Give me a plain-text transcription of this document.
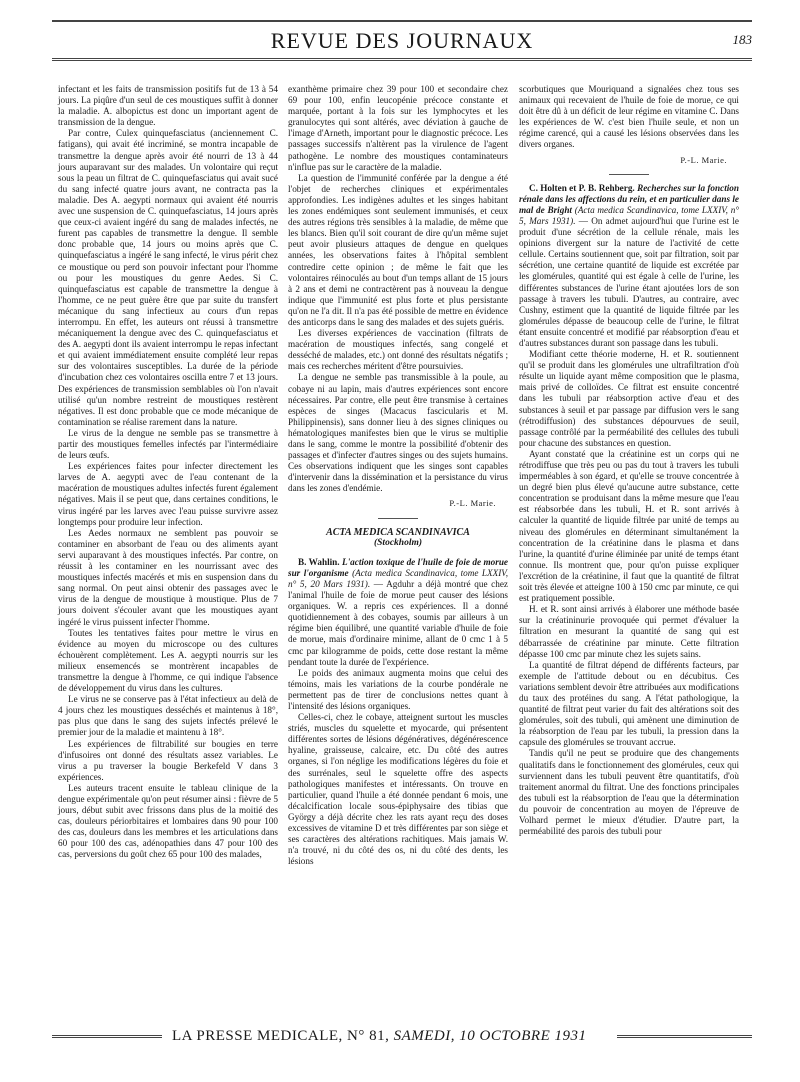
REVUE DES JOURNAUX	183

infectant et les faits de transmission positifs fut de 13 à 54 jours. La piqûre d'un seul de ces moustiques suffit à donner la maladie. A. albopictus est donc un important agent de transmission de la dengue.

Par contre, Culex quinquefasciatus (anciennement C. fatigans), qui avait été incriminé, se montra incapable de transmettre la dengue après avoir été nourri de 13 à 44 jours auparavant sur des malades. Un volontaire qui reçut sous la peau un filtrat de C. quinquefasciatus qui avait sucé du sang infecté quatre jours avant, ne contracta pas la maladie. Des A. aegypti normaux qui avaient été nourris avec une suspension de C. quinquefasciatus, 14 jours après que ceux-ci avaient ingéré du sang de malades infectés, ne furent pas capables de transmettre la dengue. Il semble donc probable que, 14 jours ou moins après que C. quinquefasciatus a ingéré le sang infecté, le virus périt chez ce moustique ou perd son pouvoir infectant pour l'homme ou pour les moustiques du genre Aedes. Si C. quinquefasciatus est capable de transmettre la dengue à l'homme, ce ne peut guère être que par suite du transfert mécanique du sang infectieux au cours d'un repas interrompu. En effet, les auteurs ont réussi à transmettre mécaniquement la dengue avec des C. quinquefasciatus et des A. aegypti dont ils avaient interrompu le repas infectant et qui avaient immédiatement ensuite complété leur repas sur des volontaires susceptibles. La durée de la période d'incubation chez ces volontaires oscilla entre 7 et 13 jours. Des expériences de transmission semblables où l'on n'avait utilisé qu'un nombre restreint de moustiques restèrent négatives. Il est donc probable que ce mode mécanique de contamination se réalise rarement dans la nature.

Le virus de la dengue ne semble pas se transmettre à partir des moustiques femelles infectés par l'intermédiaire de leurs œufs.

Les expériences faites pour infecter directement les larves de A. aegypti avec de l'eau contenant de la macération de moustiques adultes infectés furent également négatives. Mais il se peut que, dans certaines conditions, le virus ingéré par les larves avec l'eau puisse survivre assez longtemps pour produire leur infection.

Les Aedes normaux ne semblent pas pouvoir se contaminer en absorbant de l'eau ou des aliments ayant servi auparavant à des moustiques infectés. Par contre, on réussit à les contaminer en les nourrissant avec des moustiques infectés macérés et mis en suspension dans du sang normal. On peut ainsi obtenir des passages avec le virus de la dengue de moustique à moustique. Plus de 7 jours doivent s'écouler avant que les moustiques ayant ingéré le virus puissent infecter l'homme.

Toutes les tentatives faites pour mettre le virus en évidence au moyen du microscope ou des cultures échouèrent complètement. Les A. aegypti nourris sur les milieux ensemencés se montrèrent incapables de transmettre la dengue à l'homme, ce qui indique l'absence de développement du virus dans les cultures.

Le virus ne se conserve pas à l'état infectieux au delà de 4 jours chez les moustiques desséchés et maintenus à 18°, pas plus que dans le sang des sujets infectés prélevé le premier jour de la maladie et maintenu à 18°.

Les expériences de filtrabilité sur bougies en terre d'infusoires ont donné des résultats assez variables. Le virus a pu traverser la bougie Berkefeld V dans 3 expériences.

Les auteurs tracent ensuite le tableau clinique de la dengue expérimentale qu'on peut résumer ainsi : fièvre de 5 jours, début subit avec frissons dans plus de la moitié des cas, douleurs périorbitaires et lombaires dans 90 pour 100 des cas, douleurs dans les membres et les articulations dans 60 pour 100 des cas, adénopathies dans 47 pour 100 des cas, perversions du goût chez 65 pour 100 des malades,

exanthème primaire chez 39 pour 100 et secondaire chez 69 pour 100, enfin leucopénie précoce constante et marquée, portant à la fois sur les lymphocytes et les granulocytes qui sont altérés, avec déviation à gauche de l'image d'Arneth, important pour le diagnostic précoce. Les passages successifs n'altèrent pas la virulence de l'agent pathogène. Le nombre des moustiques contaminateurs n'influe pas sur le caractère de la maladie.

La question de l'immunité conférée par la dengue a été l'objet de recherches cliniques et expérimentales approfondies. Les indigènes adultes et les singes habitant les zones endémiques sont seulement immunisés, et ceux des autres régions très sensibles à la maladie, de même que les blancs. Bien qu'il soit courant de dire qu'un même sujet peut avoir plusieurs attaques de dengue en quelques années, les observations faites à l'hôpital semblent contredire cette opinion ; de même le fait que les volontaires réinoculés au bout d'un temps allant de 15 jours à 2 ans et demi ne contractèrent pas à nouveau la dengue indique que l'immunité est plus forte et plus persistante qu'on ne l'a dit. Il n'a pas été possible de mettre en évidence des anticorps dans le sang des malades et des sujets guéris.

Les diverses expériences de vaccination (filtrats de macération de moustiques infectés, sang congelé et desséché de malades, etc.) ont donné des résultats négatifs ; mais ces recherches méritent d'être poursuivies.

La dengue ne semble pas transmissible à la poule, au cobaye ni au lapin, mais d'autres expériences sont encore nécessaires. Par contre, elle peut être transmise à certaines espèces de singes (Macacus fascicularis et M. Philippinensis), sans donner lieu à des signes cliniques ou hématologiques manifestes bien que le virus se multiplie dans le sang, comme le montre la possibilité d'obtenir des passages et d'infecter d'autres singes ou des sujets humains. Ces observations indiquent que les singes sont capables d'intervenir dans la dissémination et la persistance du virus dans les zones d'endémie.

P.-L. Marie.
ACTA MEDICA SCANDINAVICA
(Stockholm)

B. Wahlin. L'action toxique de l'huile de foie de morue sur l'organisme (Acta medica Scandinavica, tome LXXIV, n° 5, 20 Mars 1931). — Agduhr a déjà montré que chez l'animal l'huile de foie de morue peut causer des lésions organiques. W. a repris ces expériences. Il a donné quotidiennement à des cobayes, soumis par ailleurs à un régime bien équilibré, une quantité variable d'huile de foie de morue, mais d'ordinaire minime, allant de 0 cmc 1 à 5 cmc par kilogramme de poids, cette dose restant la même pendant toute la durée de l'expérience.

Le poids des animaux augmenta moins que celui des témoins, mais les variations de la courbe pondérale ne permettent pas de tirer de conclusions nettes quant à l'intensité des lésions organiques.

Celles-ci, chez le cobaye, atteignent surtout les muscles striés, muscles du squelette et myocarde, qui présentent différentes sortes de lésions dégénératives, dégénérescence hyaline, graisseuse, calcaire, etc. Du côté des autres organes, si l'on néglige les modifications légères du foie et des surrénales, seul le squelette offre des aspects pathologiques manifestes et intéressants. On trouve en particulier, quand l'huile a été donnée pendant 6 mois, une décalcification locale sous-épiphysaire des tibias que György a déjà décrite chez les rats ayant reçu des doses excessives de vitamine D et très différentes par son siège et ses caractères des altérations rachitiques. Mais jamais W. n'a trouvé, ni du côté des os, ni du côté des dents, les lésions

scorbutiques que Mouriquand a signalées chez tous ses animaux qui recevaient de l'huile de foie de morue, ce qui doit être dû à un déficit de leur régime en vitamine C. Dans les expériences de W. c'est bien l'huile seule, et non un régime carencé, qui a causé les lésions observées dans les divers organes.

P.-L. Marie.

C. Holten et P. B. Rehberg. Recherches sur la fonction rénale dans les affections du rein, et en particulier dans le mal de Bright (Acta medica Scandinavica, tome LXXIV, n° 5, Mars 1931). — On admet aujourd'hui que l'urine est le produit d'une sécrétion de la cellule rénale, mais les opinions divergent sur la nature de l'activité de cette cellule. Certains soutiennent que, soit par filtration, soit par sécrétion, une certaine quantité de liquide est excrétée par les glomérules, quantité qui est égale à celle de l'urine, les différentes substances de l'urine étant ajoutées lors de son passage à travers les tubuli. D'autres, au contraire, avec Cushny, estiment que la quantité de liquide filtrée par les glomérules dépasse de beaucoup celle de l'urine, le filtrat étant ensuite concentré et modifié par réabsorption d'eau et d'autres substances durant son passage dans les tubuli.

Modifiant cette théorie moderne, H. et R. soutiennent qu'il se produit dans les glomérules une ultrafiltration d'où résulte un liquide ayant même composition que le plasma, mais privé de colloïdes. Ce filtrat est ensuite concentré dans les tubuli par réabsorption active d'eau et des substances à seuil et par passage par diffusion vers le sang (rétrodiffusion) des substances dépourvues de seuil, passage contrôlé par la perméabilité des cellules des tubuli pour chacune des substances en question.

Ayant constaté que la créatinine est un corps qui ne rétrodiffuse que très peu ou pas du tout à travers les tubuli imperméables à son égard, et qu'elle se trouve concentrée à un degré bien plus élevé qu'aucune autre substance, cette concentration se produisant dans la même mesure que l'eau est réabsorbée dans les tubuli, H. et R. sont arrivés à calculer la quantité de liquide filtrée par unité de temps au niveau des glomérules en déterminant simultanément la concentration de la créatinine dans le plasma et dans l'urine, la quantité d'urine éliminée par unité de temps étant connue. Ils montrent que, pour qu'on puisse expliquer l'excrétion de la créatinine, il faut que la quantité de filtrat soit très élevée et atteigne 100 à 150 cmc par minute, ce qui est pratiquement possible.

H. et R. sont ainsi arrivés à élaborer une méthode basée sur la créatininurie provoquée qui permet d'évaluer la filtration en mesurant la quantité de sang qui est débarrassée de créatinine par minute. Cette filtration dépasse 100 cmc par minute chez les sujets sains.

La quantité de filtrat dépend de différents facteurs, par exemple de l'attitude debout ou en décubitus. Ces variations semblent devoir être attribuées aux modifications du taux des protéines du sang. A l'état pathologique, la quantité de filtrat peut varier du fait des altérations soit des glomérules, soit des tubuli, qui amènent une diminution de la réabsorption de l'eau par les tubuli, la pression dans la capsule des glomérules se trouvant accrue.

Tandis qu'il ne peut se produire que des changements qualitatifs dans le fonctionnement des glomérules, ceux qui surviennent dans les tubuli peuvent être quantitatifs, d'où traitement anormal du filtrat. Une des fonctions principales des tubuli est la réabsorption de l'eau que la détermination du pouvoir de concentration au moyen de l'épreuve de Volhard permet le mieux d'étudier. D'autre part, la perméabilité des parois des tubuli pour

LA PRESSE MEDICALE, N° 81, SAMEDI, 10 OCTOBRE 1931
